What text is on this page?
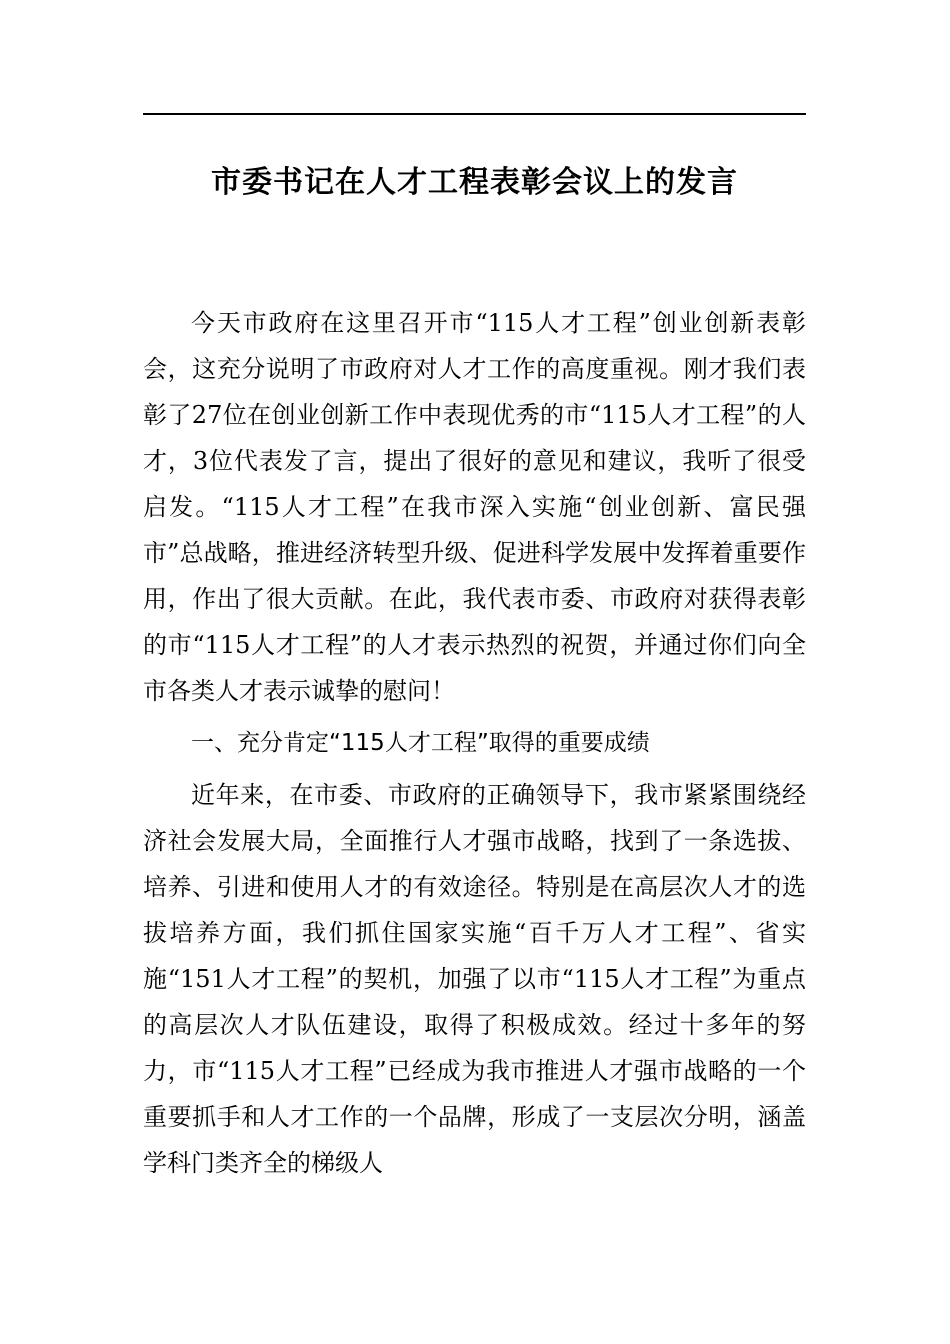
市委书记在人才工程表彰会议上的发言

今天市政府在这里召开市“115人才工程”创业创新表彰会，这充分说明了市政府对人才工作的高度重视。刚才我们表彰了27位在创业创新工作中表现优秀的市“115人才工程”的人才，3位代表发了言，提出了很好的意见和建议，我听了很受启发。“115人才工程”在我市深入实施“创业创新、富民强市”总战略，推进经济转型升级、促进科学发展中发挥着重要作用，作出了很大贡献。在此，我代表市委、市政府对获得表彰的市“115人才工程”的人才表示热烈的祝贺，并通过你们向全市各类人才表示诚挚的慰问！

一、充分肯定“115人才工程”取得的重要成绩

近年来，在市委、市政府的正确领导下，我市紧紧围绕经济社会发展大局，全面推行人才强市战略，找到了一条选拔、培养、引进和使用人才的有效途径。特别是在高层次人才的选拔培养方面，我们抓住国家实施“百千万人才工程”、省实施“151人才工程”的契机，加强了以市“115人才工程”为重点的高层次人才队伍建设，取得了积极成效。经过十多年的努力，市“115人才工程”已经成为我市推进人才强市战略的一个重要抓手和人才工作的一个品牌，形成了一支层次分明，涵盖学科门类齐全的梯级人
